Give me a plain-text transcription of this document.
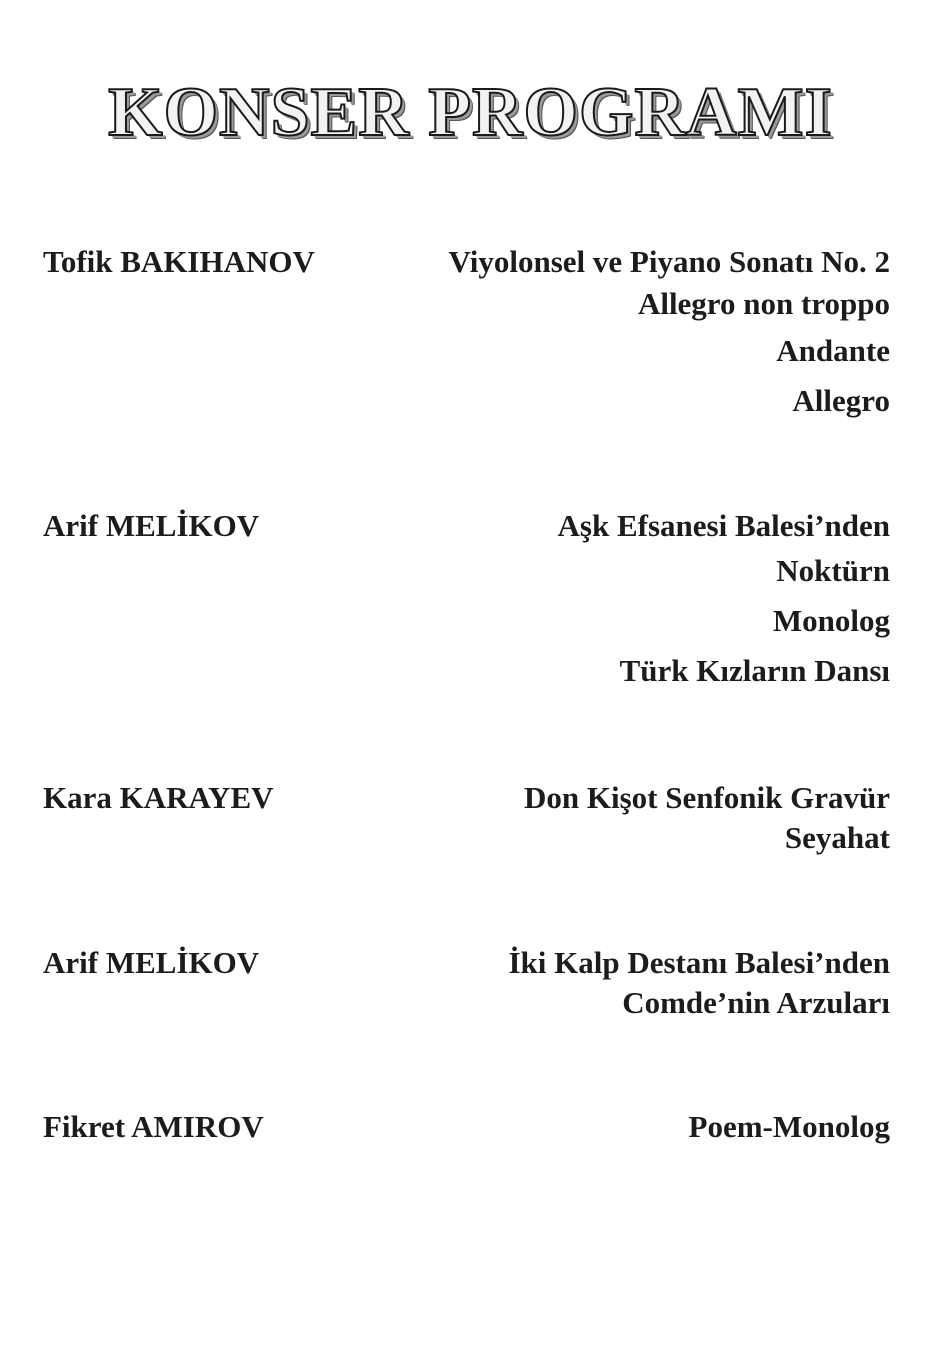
KONSER PROGRAMI
Tofik BAKIHANOV	Viyolonsel ve Piyano Sonatı No. 2
Allegro non troppo
Andante
Allegro
Arif MELİKOV	Aşk Efsanesi Balesi’nden
Noktürn
Monolog
Türk Kızların Dansı
Kara KARAYEV	Don Kişot Senfonik Gravür
Seyahat
Arif MELİKOV	İki Kalp Destanı Balesi’nden
Comde’nin Arzuları
Fikret AMIROV	Poem-Monolog
